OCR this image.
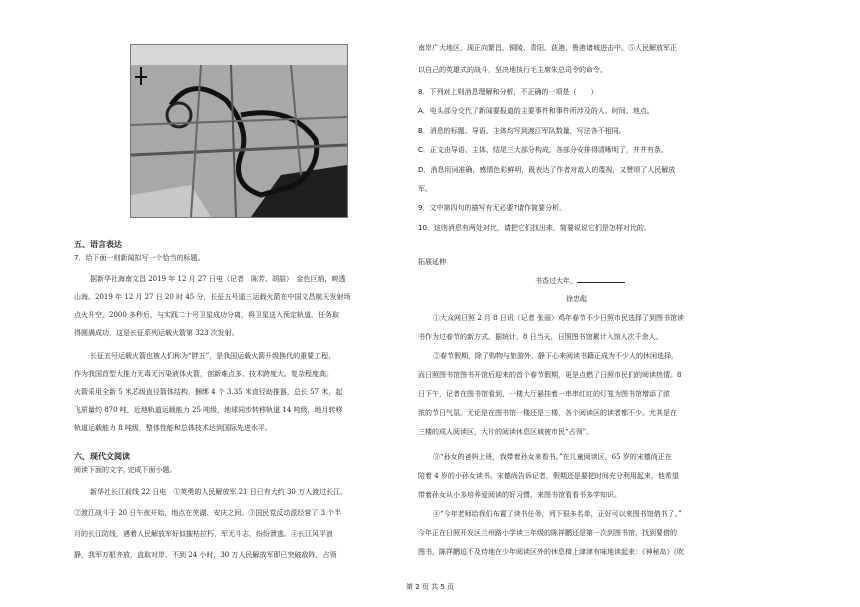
五、语言表达
7．给下面一则新闻拟写一个恰当的标题。
据新华社海南文昌 2019 年 12 月 27 日电（记者　陈芳、胡喆）　金色巨焰，映透
山海。2019 年 12 月 27 日 20 时 45 分，长征五号遥三运载火箭在中国文昌航天发射场
点火升空，2000 多秒后，与实践二十号卫星成功分离，将卫星送入预定轨道，任务取
得圆满成功，这是长征系列运载火箭第 323 次发射。
长征五号运载火箭也被人们称为“胖五”，是我国运载火箭升级换代的重要工程，
作为我国首型大推力无毒无污染液体火箭，创新难点多、技术跨度大、复杂程度高。
火箭采用全新 5 米芯级直径箭体结构，捆绑 4 个 3.35 米直径助推器，总长 57 米，起
飞质量约 870 吨，近地轨道运载能力 25 吨级，地球同步转移轨道 14 吨级，地月转移
轨道运载能力 8 吨级，整体性能和总体技术达到国际先进水平。
六、现代文阅读
阅读下面的文字, 完成下面小题。
新华社长江前线 22 日电　①英勇的人民解放军 21 日已有大约 30 万人渡过长江。
②渡江战斗于 20 日午夜开始，地点在芜湖、安庆之间。③国民党反动派经营了 3 个半
月的长江防线，遇着人民解放军好似摧枯拉朽，军无斗志，纷纷溃逃。④长江风平浪
静，我军万船齐放，直取对岸，不到 24 小时，30 万人民解放军即已突破敌阵，占领
南岸广大地区，现正向繁昌、铜陵、青阳、荻港、鲁港诸城进击中。⑤人民解放军正
以自己的英雄式的战斗，坚决地执行毛主席朱总司令的命令。
8．下列对上则消息理解和分析，不正确的一项是（　　）
A．电头部分交代了新闻要报道的主要事件和事件所涉及的人、时间、地点。
B．消息的标题、导语、主体均写到渡江军队数量，写法各不相同。
C．正文由导语、主体、结尾三大部分构成，各部分安排得清晰明了，井井有条。
D．消息用词准确，感情色彩鲜明，既表达了作者对敌人的蔑视，又赞颂了人民解放
军。
9．文中第四句的描写有无必要?请作简要分析。
10．这则消息有两处对比，请把它们找出来，简要说说它们是怎样对比的。
拓展延伸
书香过大年，
徐忠彪
①大众网日照 2 月 8 日讯（记者 张丽）鸡年春节不少日照市民选择了到图书馆读
书作为过春节的新方式。据统计，8 日当天，日照图书馆累计入馆人次千余人。
②春节假期，除了购物与旅游外，静下心来阅读书籍正成为不少人的休闲选择，
而日照图书馆图书开馆后迎来的首个春节假期，更是点燃了日照市民们的阅读热情。8
日下午，记者在图书馆看到，一楼大厅悬挂着一串串红红的灯笼为图书馆增添了浓
浓的节日气氛。无论是在图书馆一楼还是三楼，各个阅读区的读者都不少。尤其是在
三楼的成人阅读区，大片的阅读休息区域被市民“占领”。
③“孙女的爸妈上班，我带着孙女来看书。”在儿童阅读区，65 岁的宋德尚正在
陪着 4 岁的小孙女读书。宋德尚告诉记者，假期还是要把时间充分利用起来，他希望
带着孙女从小多培养爱阅读的好习惯，来图书馆看看书多学知识。
④“今年老师给我们布置了读书任务，列下很多名单，正好可以来图书馆借书了。”
今年正在日照开发区兰州路小学读三年级的陈祥鹏还是第一次到图书馆，找到要借的
图书，陈祥鹏迫不及待地在少年阅读区外的休息椅上津津有味地读起来：《神秘岛》《吹
第 2 页 共 5 页
